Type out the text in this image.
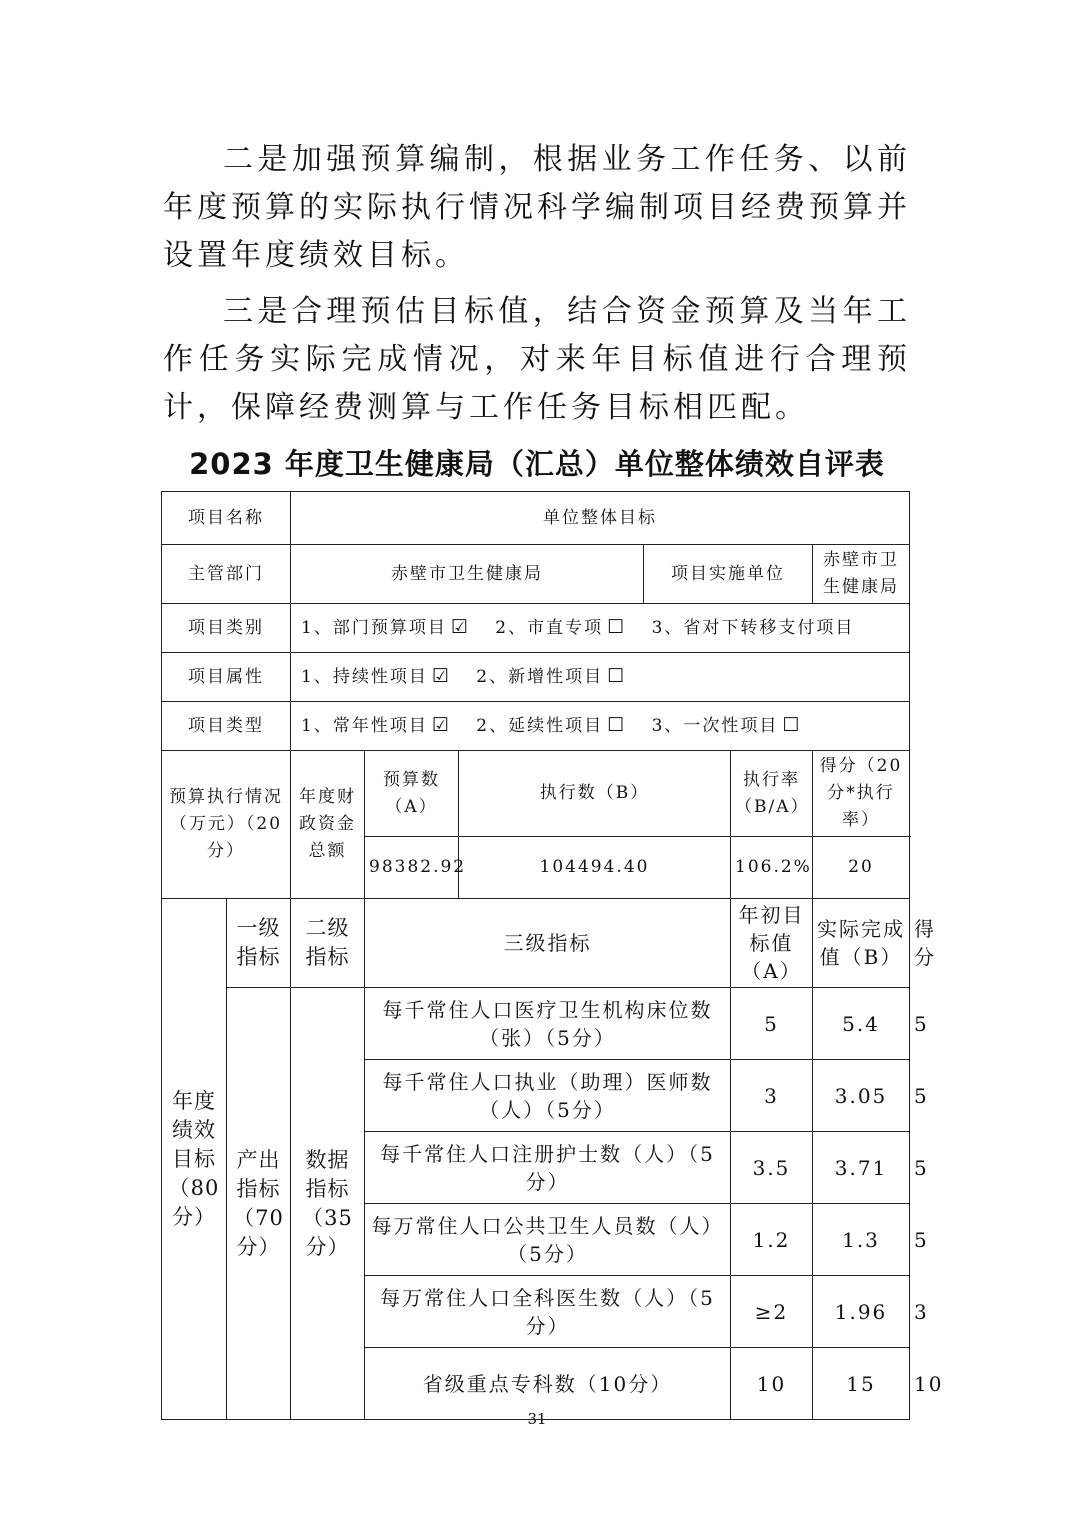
二是加强预算编制，根据业务工作任务、以前年度预算的实际执行情况科学编制项目经费预算并设置年度绩效目标。

三是合理预估目标值，结合资金预算及当年工作任务实际完成情况，对来年目标值进行合理预计，保障经费测算与工作任务目标相匹配。

2023 年度卫生健康局（汇总）单位整体绩效自评表
项目名称		单位整体目标						
主管部门		赤壁市卫生健康局			项目实施单位		赤壁市卫生健康局	
项目类别		1、部门预算项目 ☑ 2、市直专项 ☐ 3、省对下转移支付项目						
项目属性		1、持续性项目 ☑ 2、新增性项目 ☐						
项目类型		1、常年性项目 ☑ 2、延续性项目 ☐ 3、一次性项目 ☐						
预算执行情况（万元）（20分）		年度财政资金总额	预算数（A）	执行数（B）		执行率（B/A）	得分（20分*执行率）	
			98382.92	104494.40		106.2%	20	
年度绩效目标（80分）	一级指标	二级指标	三级指标			年初目标值（A）	实际完成值（B）	得分
	产出指标（70分）	数据指标（35分）	每千常住人口医疗卫生机构床位数（张）（5分）			5	5.4	5
			每千常住人口执业（助理）医师数（人）（5分）			3	3.05	5
			每千常住人口注册护士数（人）（5分）			3.5	3.71	5
			每万常住人口公共卫生人员数（人）（5分）			1.2	1.3	5
			每万常住人口全科医生数（人）（5分）			≥2	1.96	3
			省级重点专科数（10分）			10	15	10
31
